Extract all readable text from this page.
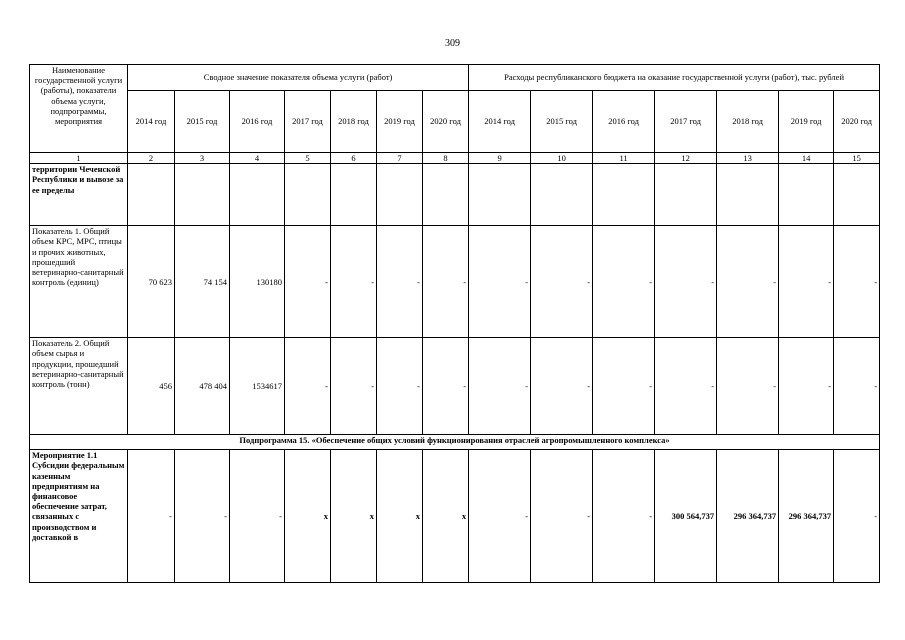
309
Наименование государственной услуги (работы), показатели объема услуги, подпрограммы, мероприятия	Сводное значение показателя объема услуги (работ)							Расходы республиканского бюджета на оказание государственной услуги (работ), тыс. рублей						
	2014 год	2015 год	2016 год	2017 год	2018 год	2019 год	2020 год	2014 год	2015 год	2016 год	2017 год	2018 год	2019 год	2020 год
1	2	3	4	5	6	7	8	9	10	11	12	13	14	15
территории Чеченской Республики и вывозе за ее пределы														
Показатель 1. Общий объем КРС, МРС, птицы и прочих животных, прошедший ветеринарно-санитарный контроль (единиц)	70 623	74 154	130180	-	-	-	-	-	-	-	-	-	-	-
Показатель 2. Общий объем сырья и продукции, прошедший ветеринарно-санитарный контроль (тонн)	456	478 404	1534617	-	-	-	-	-	-	-	-	-	-	-
Подпрограмма 15. «Обеспечение общих условий функционирования отраслей агропромышленного комплекса»														
Мероприятие 1.1 Субсидии федеральным казенным предприятиям на финансовое обеспечение затрат, связанных с производством и доставкой в	-	-	-	x	x	x	x	-	-	-	300 564,737	296 364,737	296 364,737	-
